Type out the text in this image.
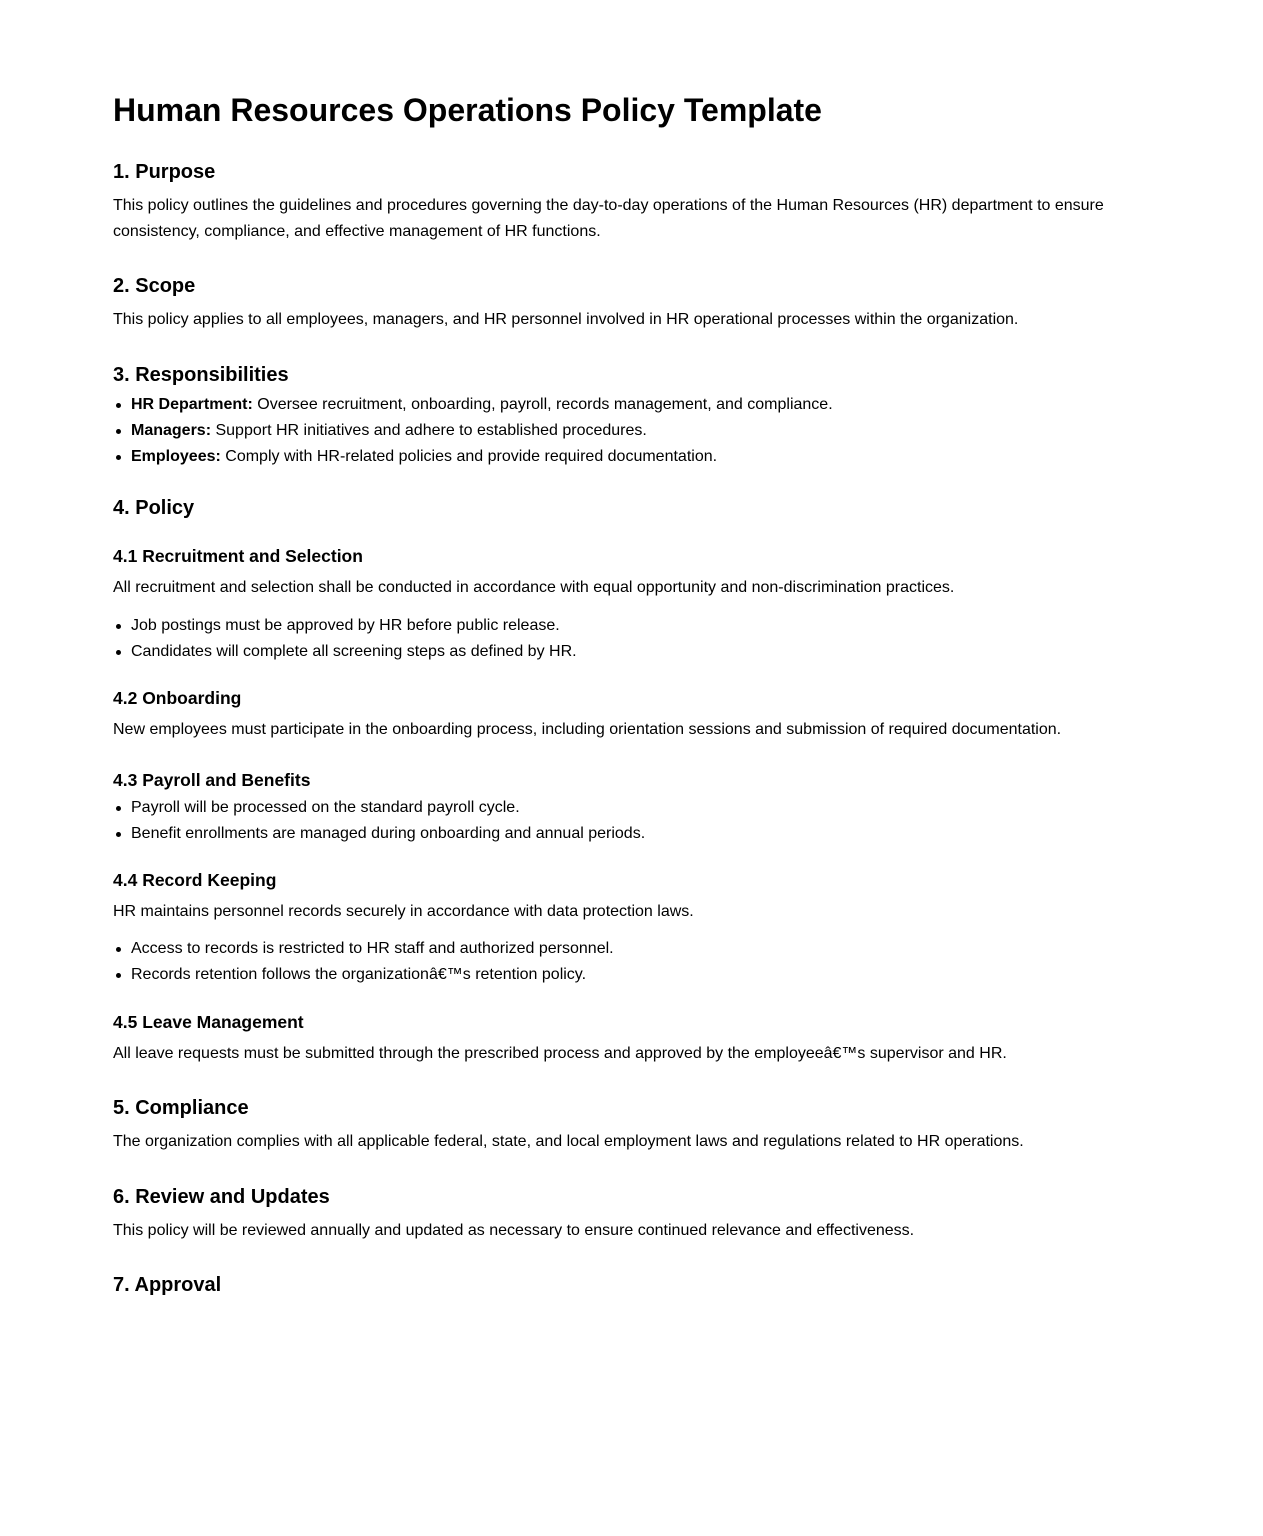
Human Resources Operations Policy Template
1. Purpose

This policy outlines the guidelines and procedures governing the day-to-day operations of the Human Resources (HR) department to ensure consistency, compliance, and effective management of HR functions.

2. Scope

This policy applies to all employees, managers, and HR personnel involved in HR operational processes within the organization.

3. Responsibilities
HR Department: Oversee recruitment, onboarding, payroll, records management, and compliance.
Managers: Support HR initiatives and adhere to established procedures.
Employees: Comply with HR-related policies and provide required documentation.
4. Policy
4.1 Recruitment and Selection

All recruitment and selection shall be conducted in accordance with equal opportunity and non-discrimination practices.

Job postings must be approved by HR before public release.
Candidates will complete all screening steps as defined by HR.
4.2 Onboarding

New employees must participate in the onboarding process, including orientation sessions and submission of required documentation.

4.3 Payroll and Benefits
Payroll will be processed on the standard payroll cycle.
Benefit enrollments are managed during onboarding and annual periods.
4.4 Record Keeping

HR maintains personnel records securely in accordance with data protection laws.

Access to records is restricted to HR staff and authorized personnel.
Records retention follows the organizationâ€™s retention policy.
4.5 Leave Management

All leave requests must be submitted through the prescribed process and approved by the employeeâ€™s supervisor and HR.

5. Compliance

The organization complies with all applicable federal, state, and local employment laws and regulations related to HR operations.

6. Review and Updates

This policy will be reviewed annually and updated as necessary to ensure continued relevance and effectiveness.

7. Approval
